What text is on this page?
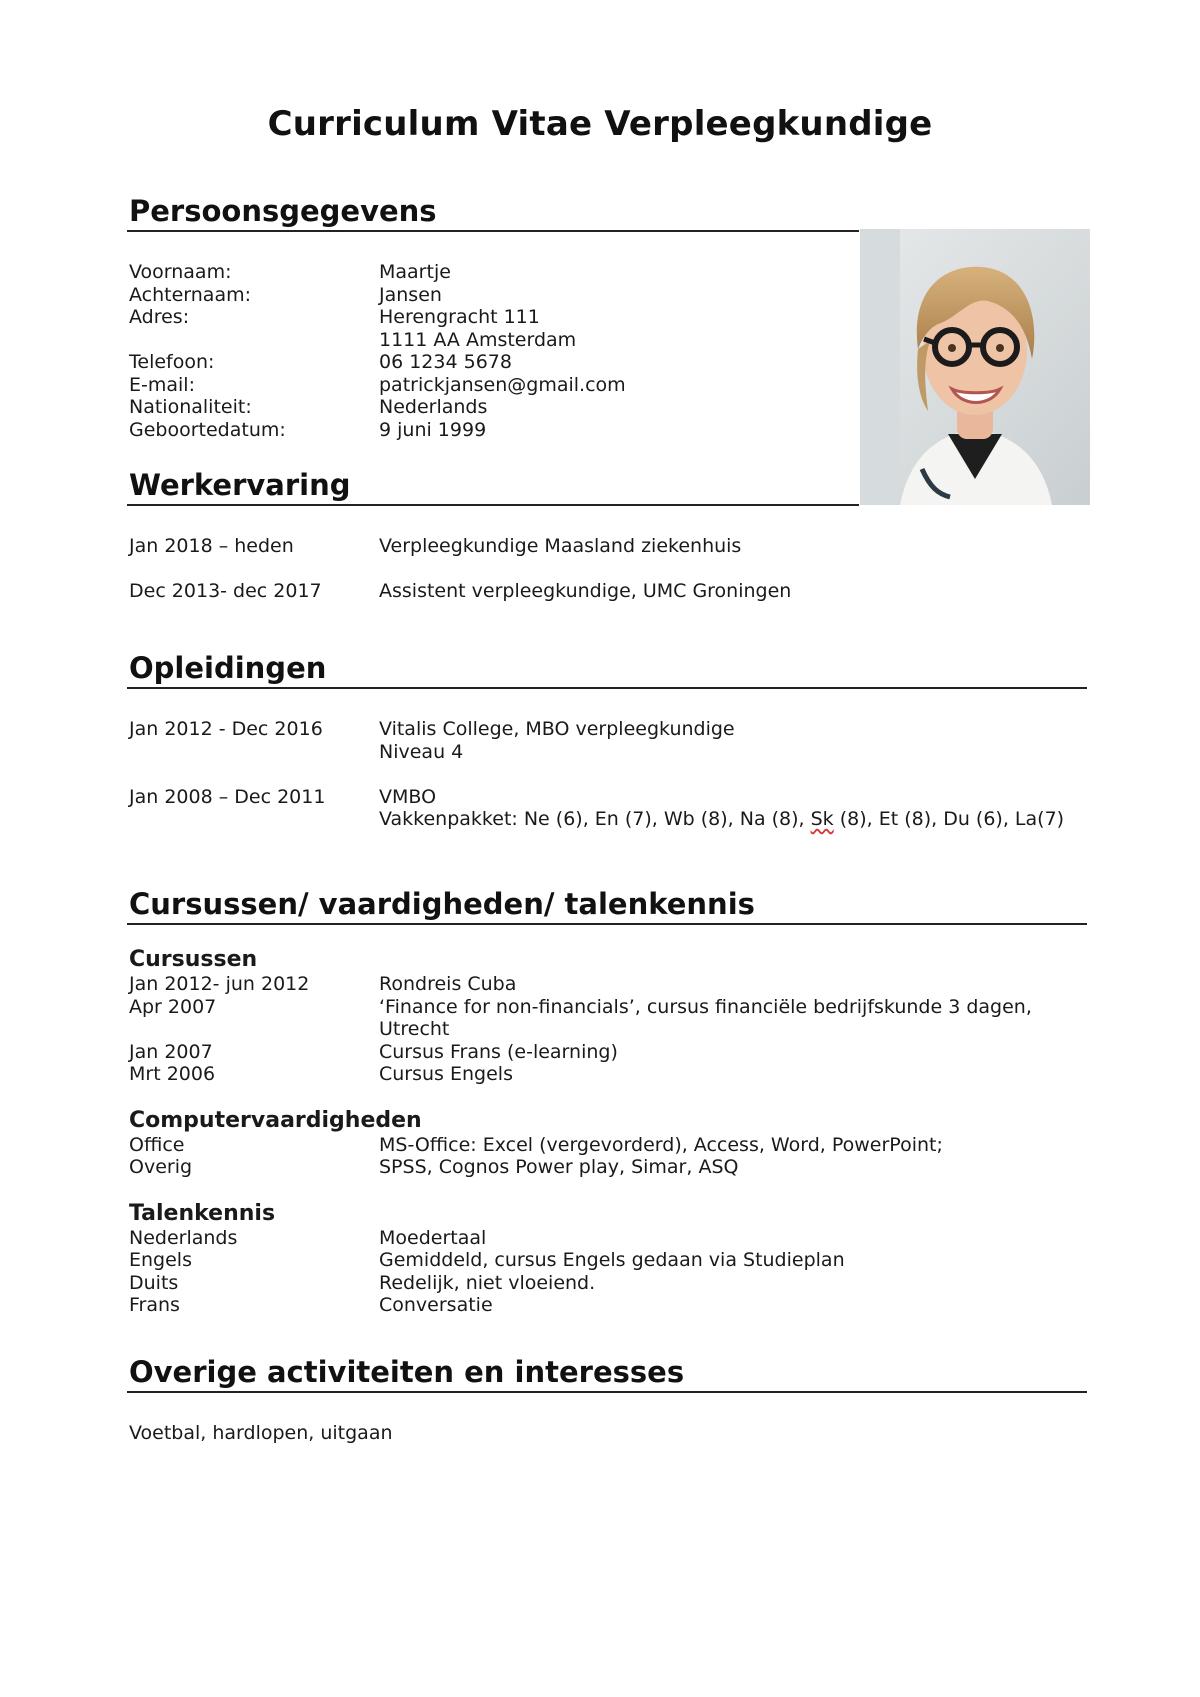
Curriculum Vitae Verpleegkundige
Persoonsgegevens
Voornaam:	Maartje
Achternaam:	Jansen
Adres:	Herengracht 111
1111 AA Amsterdam
Telefoon:	06 1234 5678
E-mail:	patrickjansen@gmail.com
Nationaliteit:	Nederlands
Geboortedatum:	9 juni 1999
Werkervaring
Jan 2018 – heden	Verpleegkundige Maasland ziekenhuis
Dec 2013- dec 2017	Assistent verpleegkundige, UMC Groningen
Opleidingen
Jan 2012 - Dec 2016	Vitalis College, MBO verpleegkundige
Niveau 4
Jan 2008 – Dec 2011	VMBO
Vakkenpakket: Ne (6), En (7), Wb (8), Na (8), Sk (8), Et (8), Du (6), La(7)
Cursussen/ vaardigheden/ talenkennis
Cursussen
Jan 2012- jun 2012	Rondreis Cuba
Apr 2007	‘Finance for non-financials’, cursus financiële bedrijfskunde 3 dagen,
Utrecht
Jan 2007	Cursus Frans (e-learning)
Mrt 2006	Cursus Engels
Computervaardigheden
Office	MS-Office: Excel (vergevorderd), Access, Word, PowerPoint;
Overig	SPSS, Cognos Power play, Simar, ASQ
Talenkennis
Nederlands	Moedertaal
Engels	Gemiddeld, cursus Engels gedaan via Studieplan
Duits	Redelijk, niet vloeiend.
Frans	Conversatie
Overige activiteiten en interesses
Voetbal, hardlopen, uitgaan
